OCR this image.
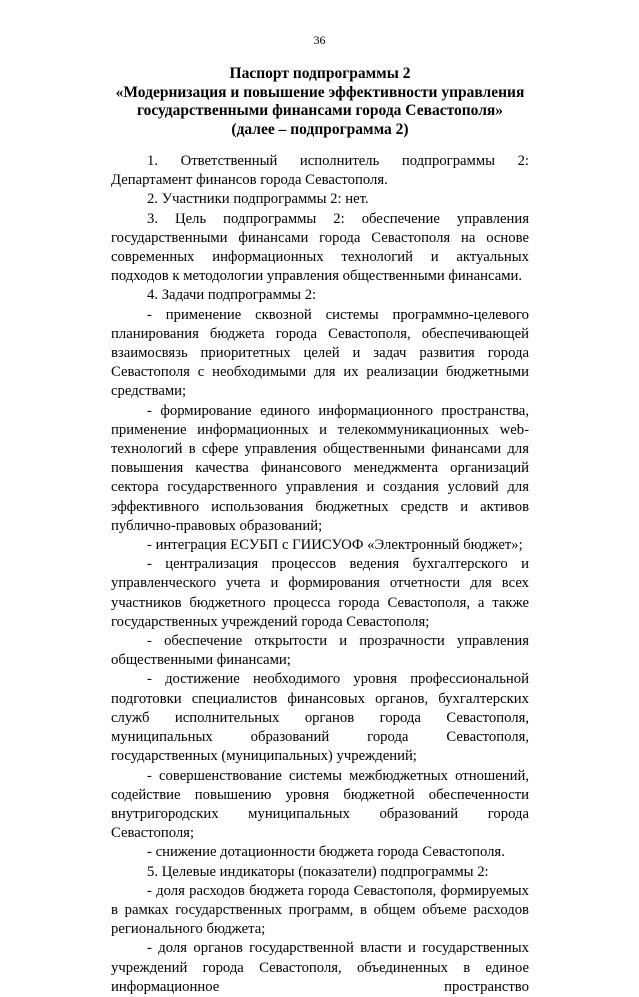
36
Паспорт подпрограммы 2
«Модернизация и повышение эффективности управления
государственными финансами города Севастополя»
(далее – подпрограмма 2)

1. Ответственный исполнитель подпрограммы 2: Департамент финансов города Севастополя.

2. Участники подпрограммы 2: нет.

3. Цель подпрограммы 2: обеспечение управления государственными финансами города Севастополя на основе современных информационных технологий и актуальных подходов к методологии управления общественными финансами.

4. Задачи подпрограммы 2:

- применение сквозной системы программно-целевого планирования бюджета города Севастополя, обеспечивающей взаимосвязь приоритетных целей и задач развития города Севастополя с необходимыми для их реализации бюджетными средствами;

- формирование единого информационного пространства, применение информационных и телекоммуникационных web-технологий в сфере управления общественными финансами для повышения качества финансового менеджмента организаций сектора государственного управления и создания условий для эффективного использования бюджетных средств и активов публично-правовых образований;

- интеграция ЕСУБП с ГИИСУОФ «Электронный бюджет»;

- централизация процессов ведения бухгалтерского и управленческого учета и формирования отчетности для всех участников бюджетного процесса города Севастополя, а также государственных учреждений города Севастополя;

- обеспечение открытости и прозрачности управления общественными финансами;

- достижение необходимого уровня профессиональной подготовки специалистов финансовых органов, бухгалтерских служб исполнительных органов города Севастополя, муниципальных образований города Севастополя, государственных (муниципальных) учреждений;

- совершенствование системы межбюджетных отношений, содействие повышению уровня бюджетной обеспеченности внутригородских муниципальных образований города Севастополя;

- снижение дотационности бюджета города Севастополя.

5. Целевые индикаторы (показатели) подпрограммы 2:

- доля расходов бюджета города Севастополя, формируемых в рамках государственных программ, в общем объеме расходов регионального бюджета;

- доля органов государственной власти и государственных учреждений города Севастополя, объединенных в единое информационное пространство
